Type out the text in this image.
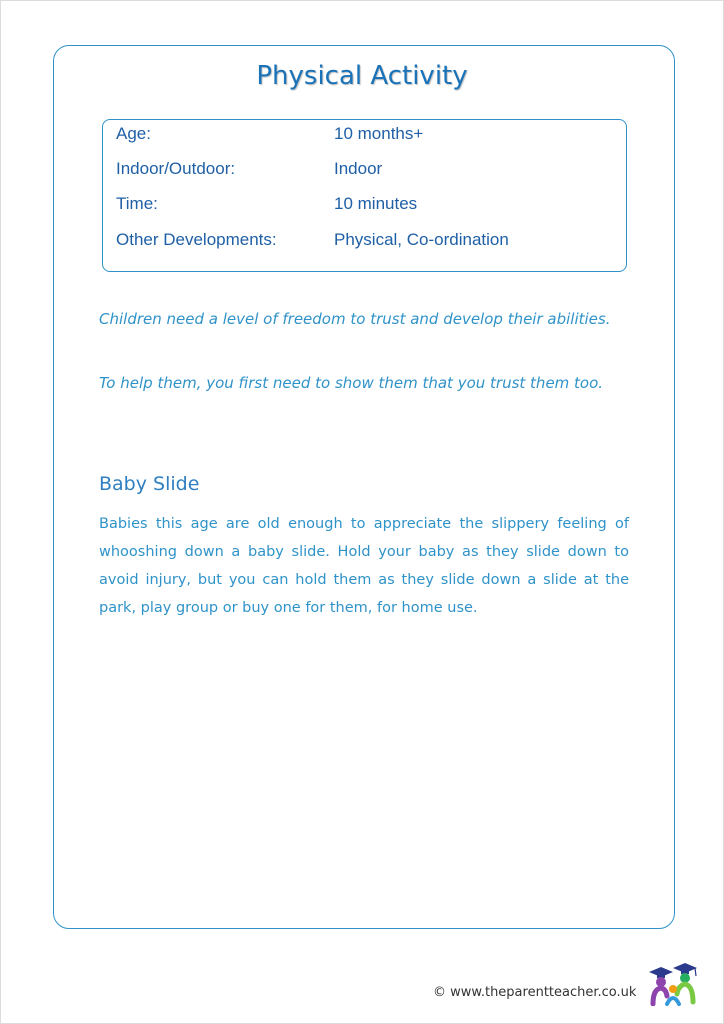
Physical Activity
Age:	10 months+
Indoor/Outdoor:	Indoor
Time:	10 minutes
Other Developments:	Physical, Co-ordination

Children need a level of freedom to trust and develop their abilities.

To help them, you first need to show them that you trust them too.

Baby Slide

Babies this age are old enough to appreciate the slippery feeling of whooshing down a baby slide. Hold your baby as they slide down to avoid injury, but you can hold them as they slide down a slide at the park, play group or buy one for them, for home use.

© www.theparentteacher.co.uk
